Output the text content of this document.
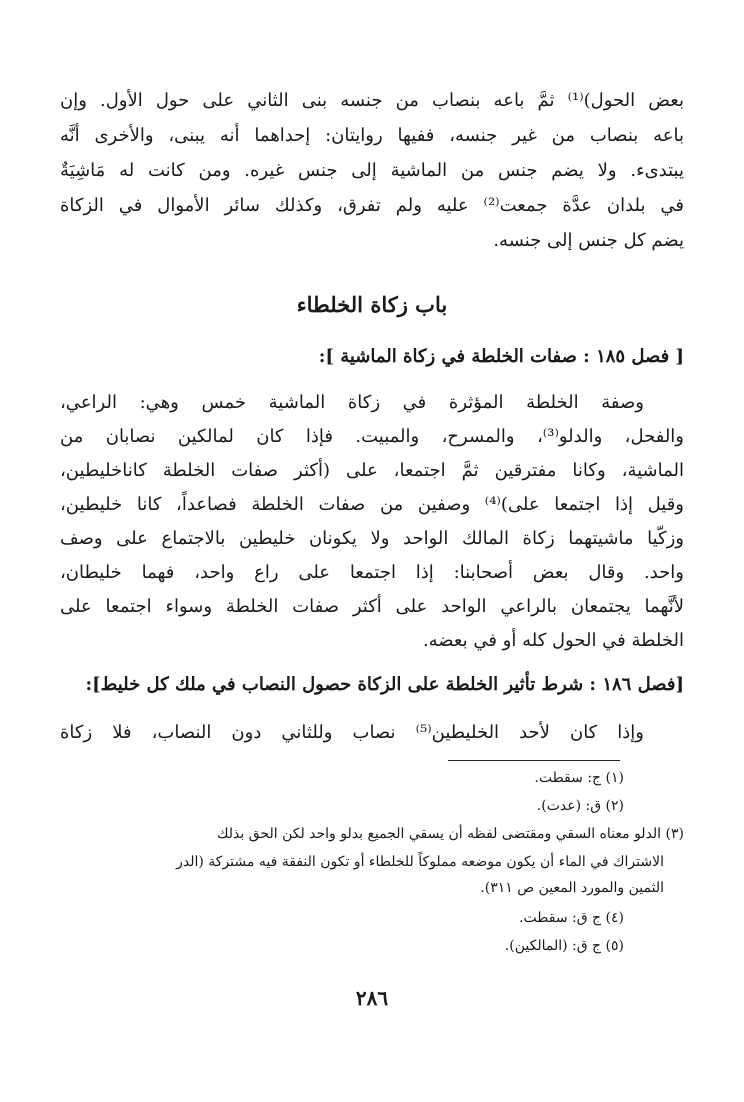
بعض الحول)⁽¹⁾ ثمَّ باعه بنصاب من جنسه بنى الثاني على حول الأول. وإن
باعه بنصاب من غير جنسه، ففيها روايتان: إحداهما أنه يبنى، والأخرى أنَّه
يبتدىء. ولا يضم جنس من الماشية إلى جنس غيره. ومن كانت له مَاشِيَةٌ
في بلدان عدَّة جمعت⁽²⁾ عليه ولم تفرق، وكذلك سائر الأموال في الزكاة
يضم كل جنس إلى جنسه.
باب زكاة الخلطاء
[ فصل ١٨٥ : صفات الخلطة في زكاة الماشية ]:
وصفة الخلطة المؤثرة في زكاة الماشية خمس وهي: الراعي،
والفحل، والدلو⁽³⁾، والمسرح، والمبيت. فإذا كان لمالكين نصابان من
الماشية، وكانا مفترقين ثمَّ اجتمعا، على (أكثر صفات الخلطة كاناخليطين،
وقيل إذا اجتمعا على)⁽⁴⁾ وصفين من صفات الخلطة فصاعداً، كانا خليطين،
وزكّيا ماشيتهما زكاة المالك الواحد ولا يكونان خليطين بالاجتماع على وصف
واحد. وقال بعض أصحابنا: إذا اجتمعا على راع واحد، فهما خليطان،
لأنَّهما يجتمعان بالراعي الواحد على أكثر صفات الخلطة وسواء اجتمعا على
الخلطة في الحول كله أو في بعضه.
[فصل ١٨٦ : شرط تأثير الخلطة على الزكاة حصول النصاب في ملك كل خليط]:
وإذا كان لأحد الخليطين⁽⁵⁾ نصاب وللثاني دون النصاب، فلا زكاة
(١) ج: سقطت.
(٢) ق: (عدت).
(٣) الدلو معناه السقي ومقتضى لفظه أن يسقي الجميع بدلو واحد لكن الحق بذلك
الاشتراك في الماء أن يكون موضعه مملوكاً للخلطاء أو تكون النفقة فيه مشتركة (الدر
الثمين والمورد المعين ص ٣١١).
(٤) ج ق: سقطت.
(٥) ج ق: (المالكين).
٢٨٦
